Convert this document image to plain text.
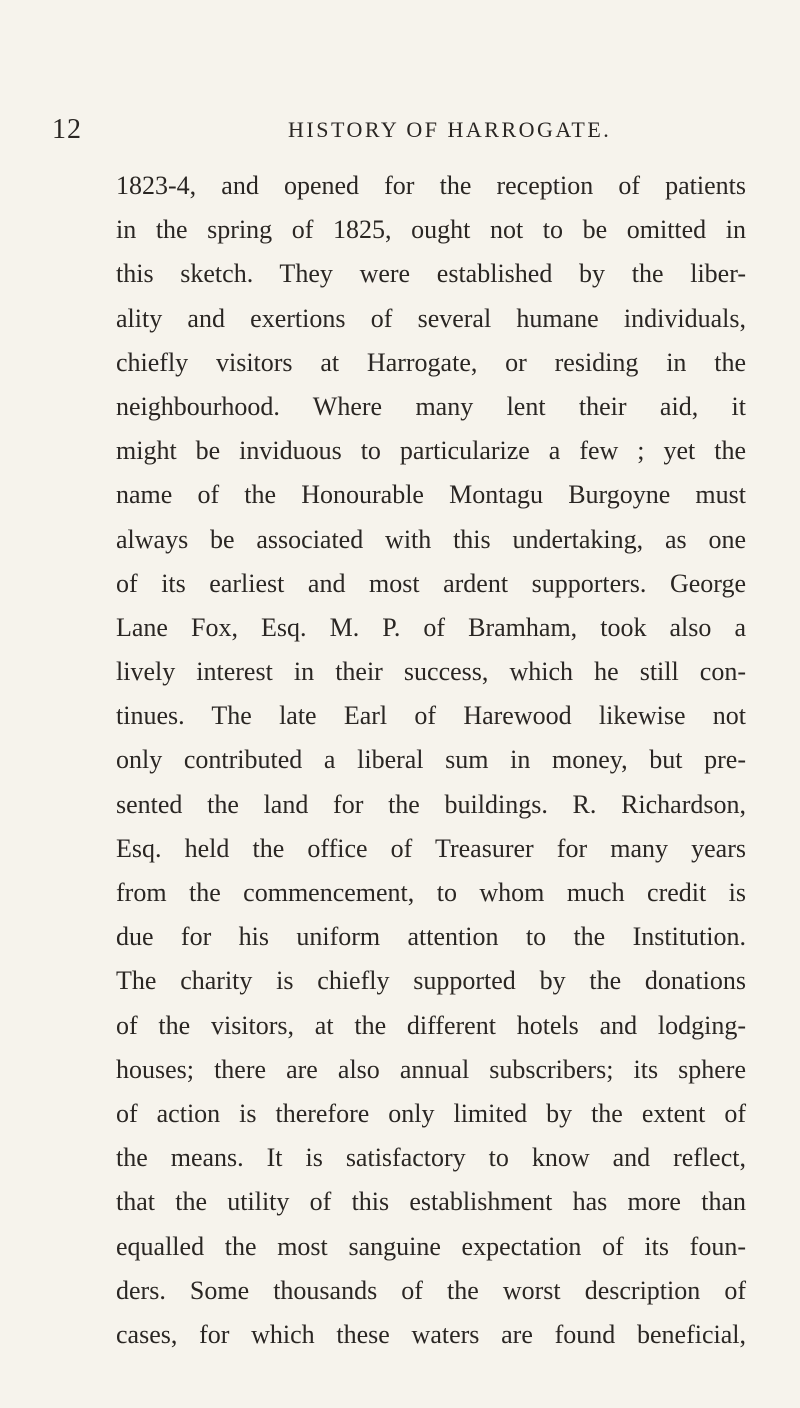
12	HISTORY OF HARROGATE.
1823-4, and opened for the reception of patients
in the spring of 1825, ought not to be omitted in
this sketch. They were established by the liber-
ality and exertions of several humane individuals,
chiefly visitors at Harrogate, or residing in the
neighbourhood. Where many lent their aid, it
might be inviduous to particularize a few ; yet the
name of the Honourable Montagu Burgoyne must
always be associated with this undertaking, as one
of its earliest and most ardent supporters. George
Lane Fox, Esq. M. P. of Bramham, took also a
lively interest in their success, which he still con-
tinues. The late Earl of Harewood likewise not
only contributed a liberal sum in money, but pre-
sented the land for the buildings. R. Richardson,
Esq. held the office of Treasurer for many years
from the commencement, to whom much credit is
due for his uniform attention to the Institution.
The charity is chiefly supported by the donations
of the visitors, at the different hotels and lodging-
houses; there are also annual subscribers; its sphere
of action is therefore only limited by the extent of
the means. It is satisfactory to know and reflect,
that the utility of this establishment has more than
equalled the most sanguine expectation of its foun-
ders. Some thousands of the worst description of
cases, for which these waters are found beneficial,
